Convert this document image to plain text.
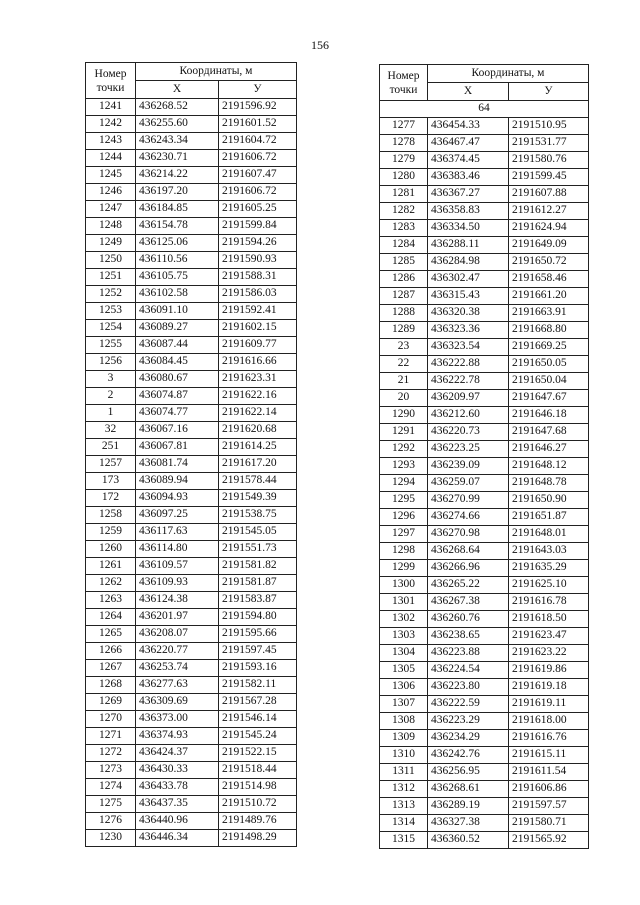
156
Номер
точки	Координаты, м	
	Х	У
1241	436268.52	2191596.92
1242	436255.60	2191601.52
1243	436243.34	2191604.72
1244	436230.71	2191606.72
1245	436214.22	2191607.47
1246	436197.20	2191606.72
1247	436184.85	2191605.25
1248	436154.78	2191599.84
1249	436125.06	2191594.26
1250	436110.56	2191590.93
1251	436105.75	2191588.31
1252	436102.58	2191586.03
1253	436091.10	2191592.41
1254	436089.27	2191602.15
1255	436087.44	2191609.77
1256	436084.45	2191616.66
3	436080.67	2191623.31
2	436074.87	2191622.16
1	436074.77	2191622.14
32	436067.16	2191620.68
251	436067.81	2191614.25
1257	436081.74	2191617.20
173	436089.94	2191578.44
172	436094.93	2191549.39
1258	436097.25	2191538.75
1259	436117.63	2191545.05
1260	436114.80	2191551.73
1261	436109.57	2191581.82
1262	436109.93	2191581.87
1263	436124.38	2191583.87
1264	436201.97	2191594.80
1265	436208.07	2191595.66
1266	436220.77	2191597.45
1267	436253.74	2191593.16
1268	436277.63	2191582.11
1269	436309.69	2191567.28
1270	436373.00	2191546.14
1271	436374.93	2191545.24
1272	436424.37	2191522.15
1273	436430.33	2191518.44
1274	436433.78	2191514.98
1275	436437.35	2191510.72
1276	436440.96	2191489.76
1230	436446.34	2191498.29
Номер
точки	Координаты, м	
	Х	У
64		
1277	436454.33	2191510.95
1278	436467.47	2191531.77
1279	436374.45	2191580.76
1280	436383.46	2191599.45
1281	436367.27	2191607.88
1282	436358.83	2191612.27
1283	436334.50	2191624.94
1284	436288.11	2191649.09
1285	436284.98	2191650.72
1286	436302.47	2191658.46
1287	436315.43	2191661.20
1288	436320.38	2191663.91
1289	436323.36	2191668.80
23	436323.54	2191669.25
22	436222.88	2191650.05
21	436222.78	2191650.04
20	436209.97	2191647.67
1290	436212.60	2191646.18
1291	436220.73	2191647.68
1292	436223.25	2191646.27
1293	436239.09	2191648.12
1294	436259.07	2191648.78
1295	436270.99	2191650.90
1296	436274.66	2191651.87
1297	436270.98	2191648.01
1298	436268.64	2191643.03
1299	436266.96	2191635.29
1300	436265.22	2191625.10
1301	436267.38	2191616.78
1302	436260.76	2191618.50
1303	436238.65	2191623.47
1304	436223.88	2191623.22
1305	436224.54	2191619.86
1306	436223.80	2191619.18
1307	436222.59	2191619.11
1308	436223.29	2191618.00
1309	436234.29	2191616.76
1310	436242.76	2191615.11
1311	436256.95	2191611.54
1312	436268.61	2191606.86
1313	436289.19	2191597.57
1314	436327.38	2191580.71
1315	436360.52	2191565.92
